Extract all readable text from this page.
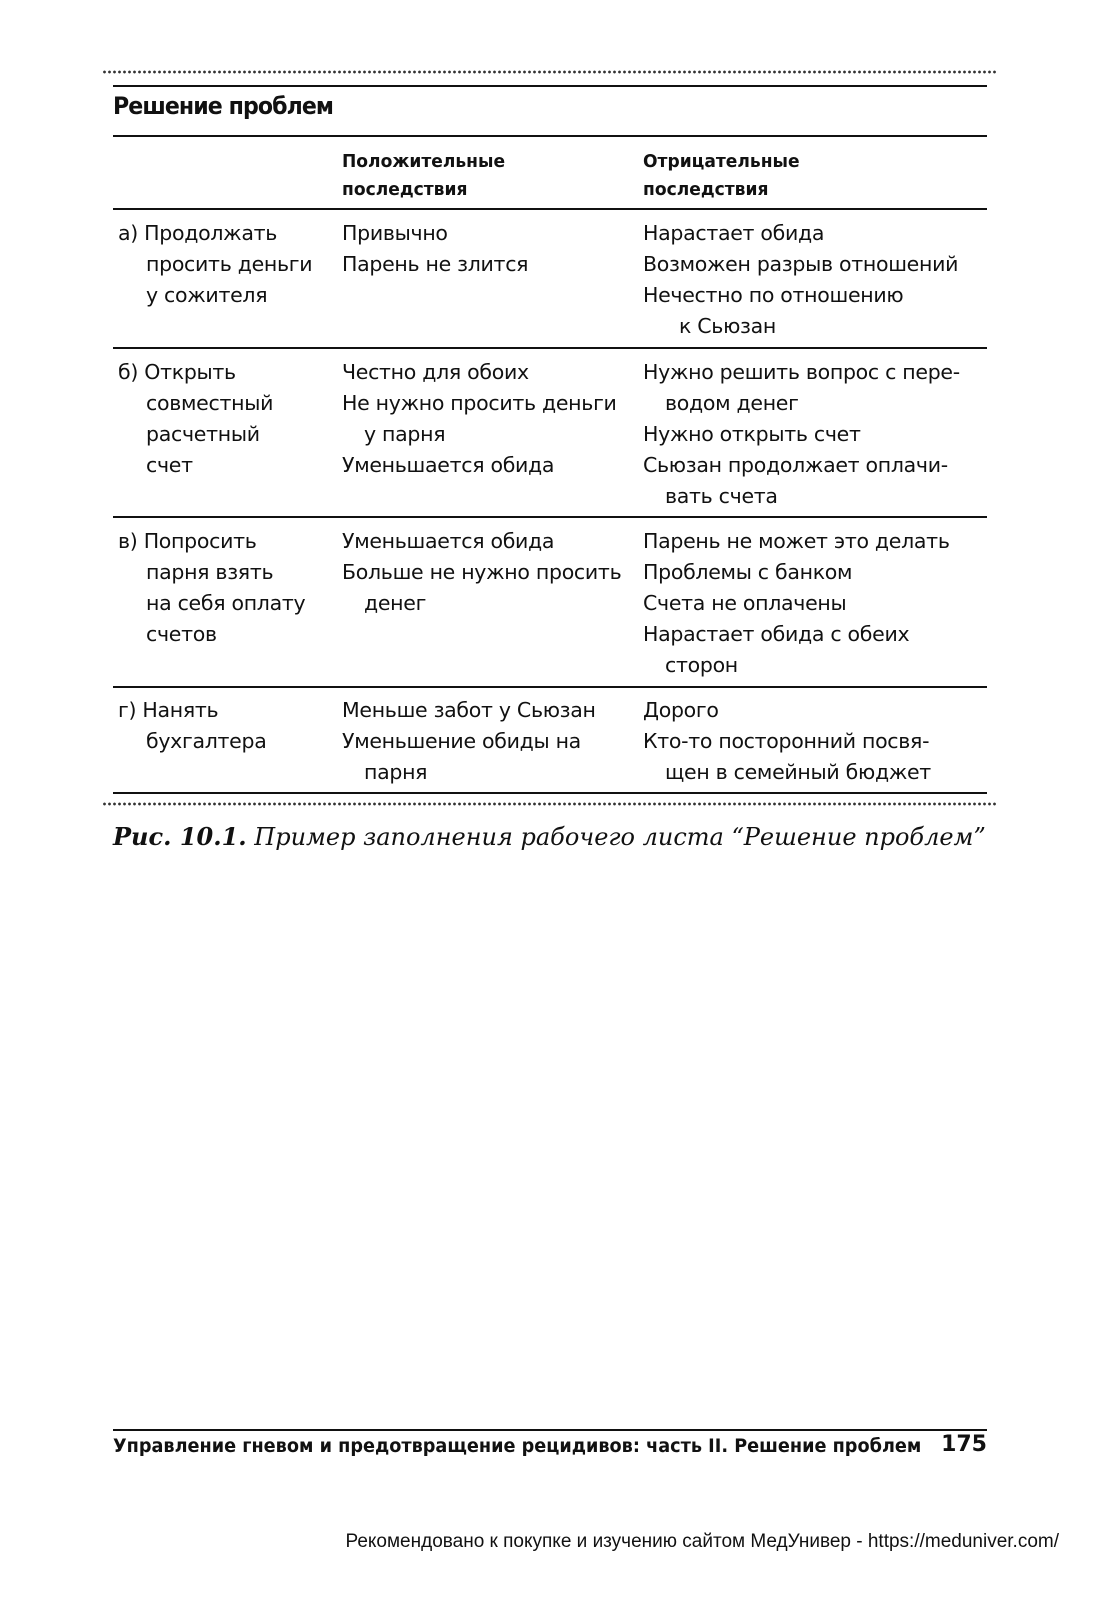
Решение проблем
Положительные
последствия
Отрицательные
последствия
а) Продолжать
просить деньги
у сожителя
Привычно
Парень не злится
Нарастает обида
Возможен разрыв отношений
Нечестно по отношению
к Сьюзан
б) Открыть
совместный
расчетный
счет
Честно для обоих
Не нужно просить деньги
у парня
Уменьшается обида
Нужно решить вопрос с пере-
водом денег
Нужно открыть счет
Сьюзан продолжает оплачи-
вать счета
в) Попросить
парня взять
на себя оплату
счетов
Уменьшается обида
Больше не нужно просить
денег
Парень не может это делать
Проблемы с банком
Счета не оплачены
Нарастает обида с обеих
сторон
г) Нанять
бухгалтера
Меньше забот у Сьюзан
Уменьшение обиды на
парня
Дорого
Кто-то посторонний посвя-
щен в семейный бюджет
Рис. 10.1. Пример заполнения рабочего листа “Решение проблем”
Управление гневом и предотвращение рецидивов: часть II. Решение проблем 175
Рекомендовано к покупке и изучению сайтом МедУнивер - https://meduniver.com/
